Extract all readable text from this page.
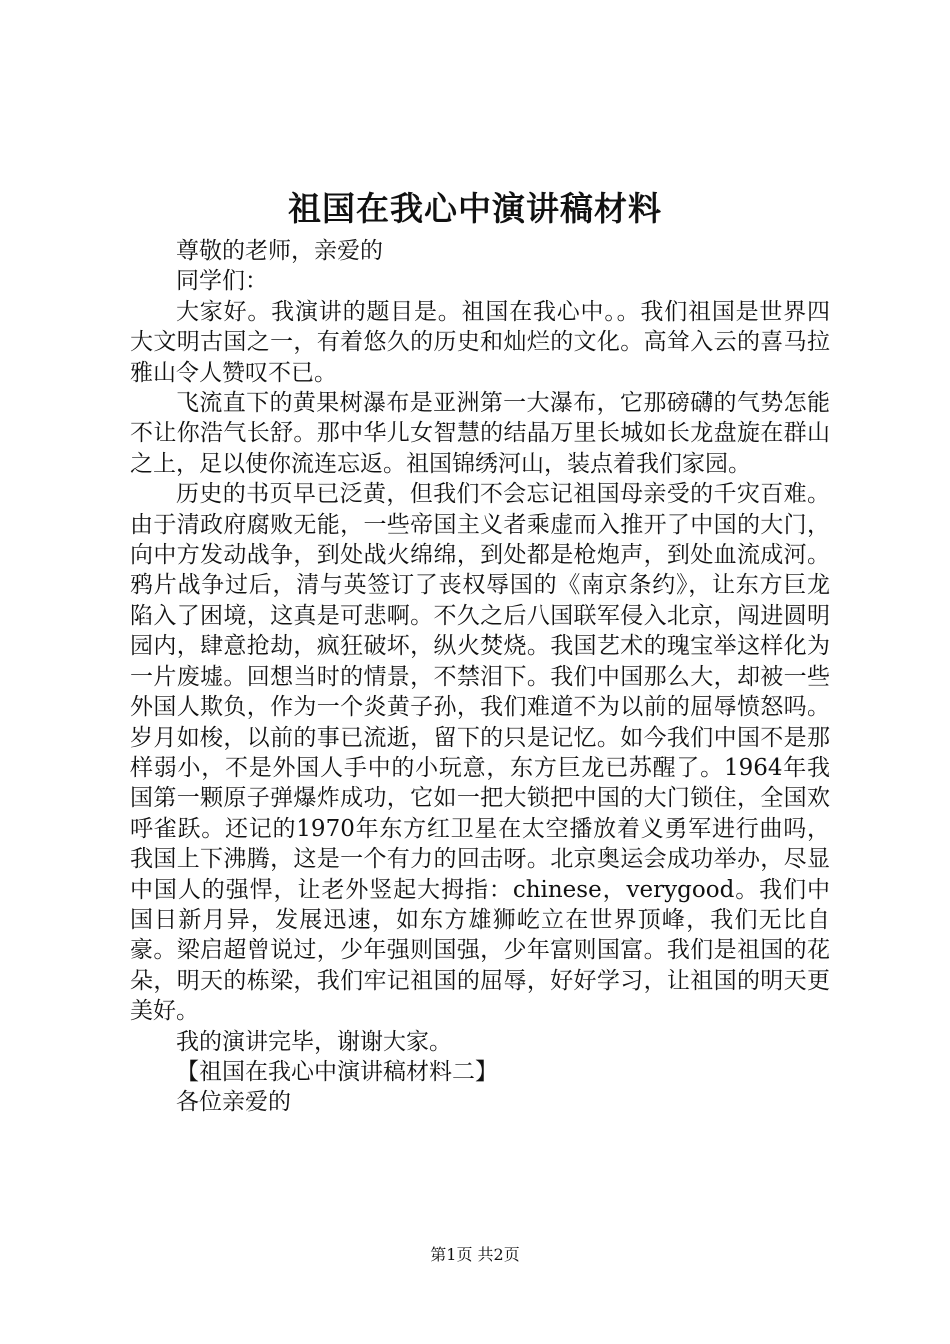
祖国在我心中演讲稿材料

尊敬的老师，亲爱的

同学们：

大家好。我演讲的题目是。祖国在我心中。。我们祖国是世界四大文明古国之一，有着悠久的历史和灿烂的文化。高耸入云的喜马拉雅山令人赞叹不已。

飞流直下的黄果树瀑布是亚洲第一大瀑布，它那磅礴的气势怎能不让你浩气长舒。那中华儿女智慧的结晶万里长城如长龙盘旋在群山之上，足以使你流连忘返。祖国锦绣河山，装点着我们家园。

历史的书页早已泛黄，但我们不会忘记祖国母亲受的千灾百难。由于清政府腐败无能，一些帝国主义者乘虚而入推开了中国的大门，向中方发动战争，到处战火绵绵，到处都是枪炮声，到处血流成河。鸦片战争过后，清与英签订了丧权辱国的《南京条约》，让东方巨龙陷入了困境，这真是可悲啊。不久之后八国联军侵入北京，闯进圆明园内，肆意抢劫，疯狂破坏，纵火焚烧。我国艺术的瑰宝举这样化为一片废墟。回想当时的情景，不禁泪下。我们中国那么大，却被一些外国人欺负，作为一个炎黄子孙，我们难道不为以前的屈辱愤怒吗。岁月如梭，以前的事已流逝，留下的只是记忆。如今我们中国不是那样弱小，不是外国人手中的小玩意，东方巨龙已苏醒了。1964年我国第一颗原子弹爆炸成功，它如一把大锁把中国的大门锁住，全国欢呼雀跃。还记的1970年东方红卫星在太空播放着义勇军进行曲吗，我国上下沸腾，这是一个有力的回击呀。北京奥运会成功举办，尽显中国人的强悍，让老外竖起大拇指：chinese，verygood。我们中国日新月异，发展迅速，如东方雄狮屹立在世界顶峰，我们无比自豪。梁启超曾说过，少年强则国强，少年富则国富。我们是祖国的花朵，明天的栋梁，我们牢记祖国的屈辱，好好学习，让祖国的明天更美好。

我的演讲完毕，谢谢大家。

【祖国在我心中演讲稿材料二】

各位亲爱的

第1页 共2页
